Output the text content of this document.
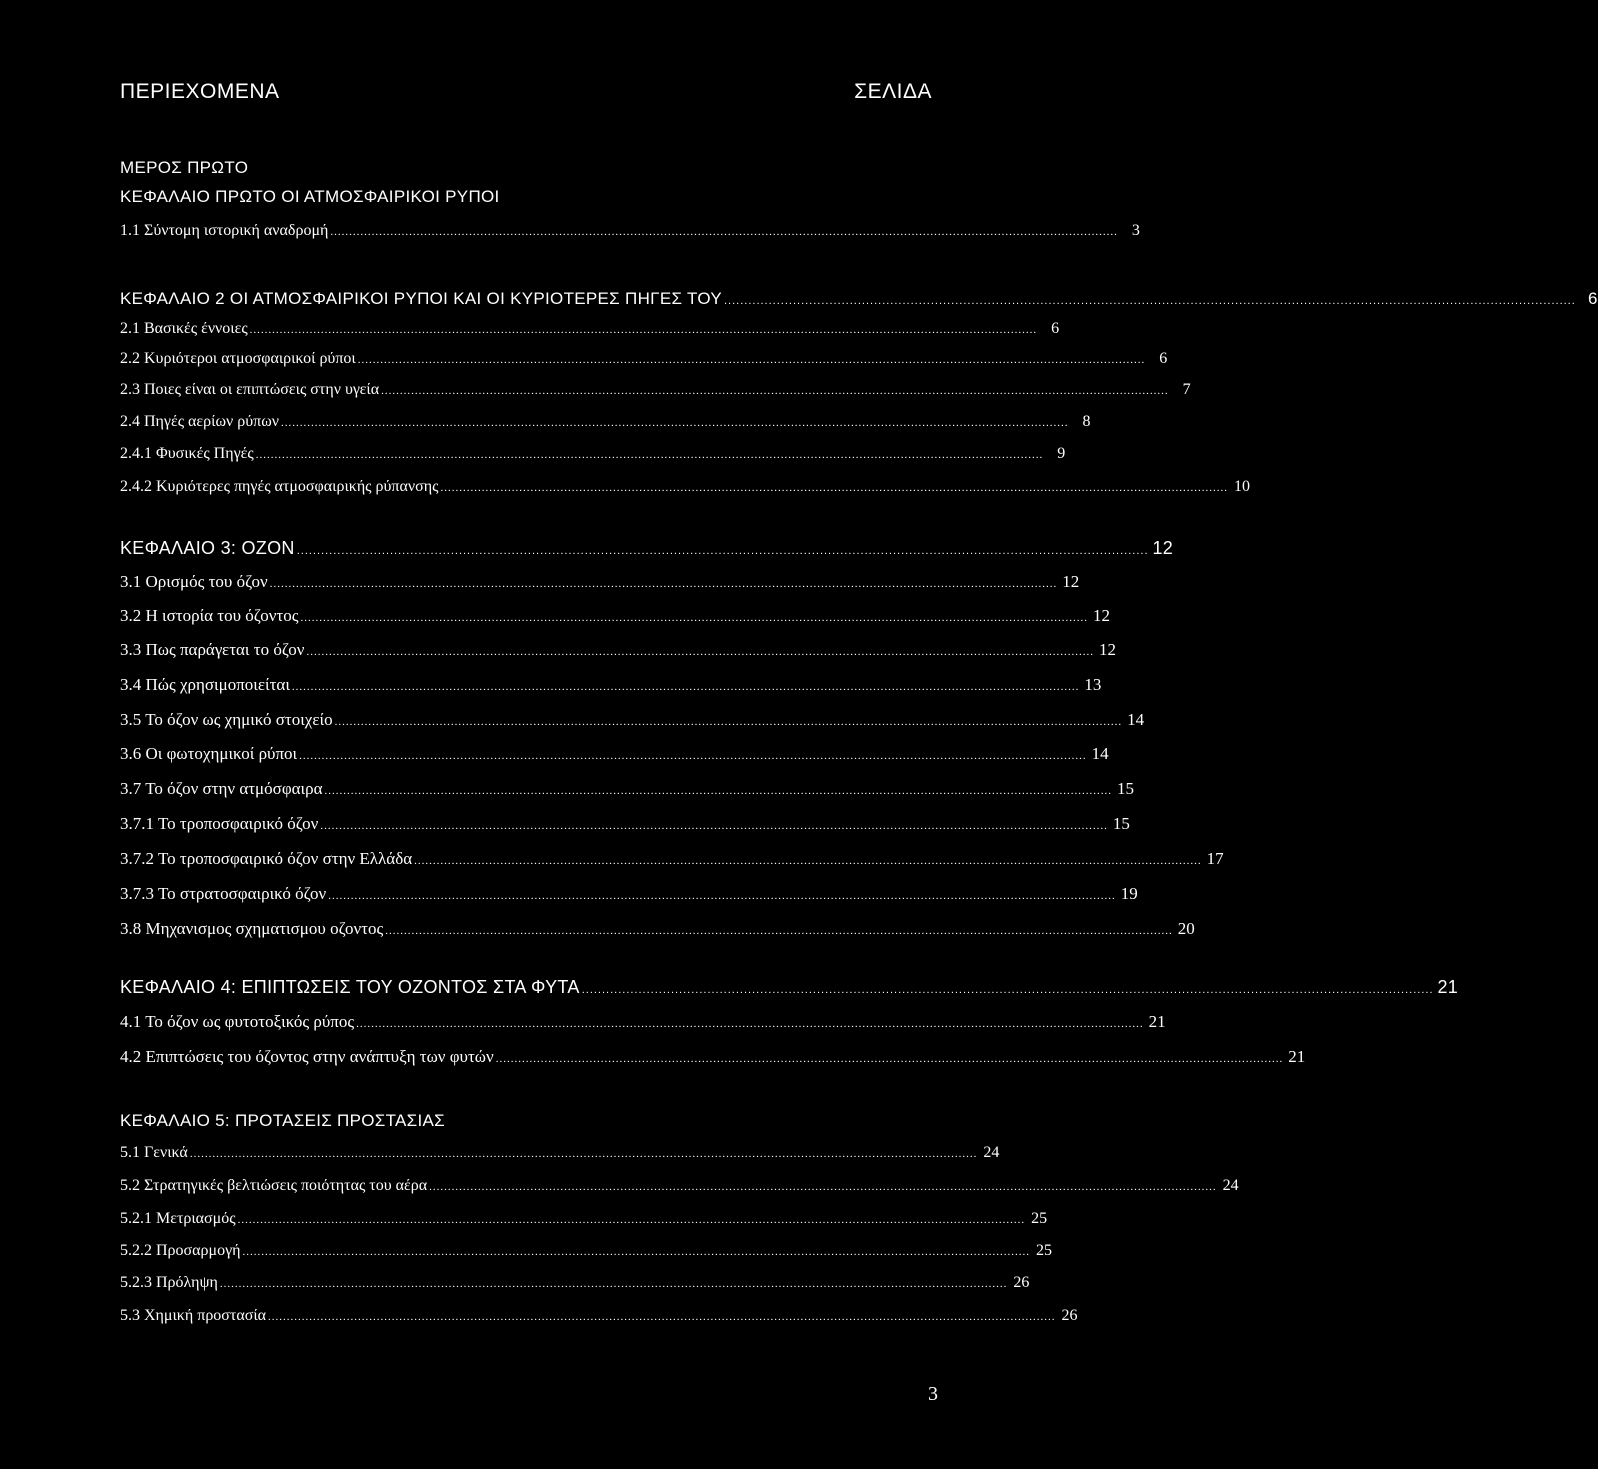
ΠΕΡΙΕΧΟΜΕΝΑ	ΣΕΛΙΔΑ
ΜΕΡΟΣ ΠΡΩΤΟ
ΚΕΦΑΛΑΙΟ ΠΡΩΤΟ ΟΙ ΑΤΜΟΣΦΑΙΡΙΚΟΙ ΡΥΠΟΙ
1.1 Σύντομη ιστορική αναδρομή .................................................................................................................................................................................................................. 3
ΚΕΦΑΛΑΙΟ 2 ΟΙ ΑΤΜΟΣΦΑΙΡΙΚΟΙ ΡΥΠΟΙ ΚΑΙ ΟΙ ΚΥΡΙΟΤΕΡΕΣ ΠΗΓΕΣ ΤΟΥ .................................................................................................................................................................................................................. 6
2.1 Βασικές έννοιες .................................................................................................................................................................................................................. 6
2.2 Κυριότεροι ατμοσφαιρικοί ρύποι .................................................................................................................................................................................................................. 6
2.3 Ποιες είναι οι επιπτώσεις στην υγεία .................................................................................................................................................................................................................. 7
2.4 Πηγές αερίων ρύπων .................................................................................................................................................................................................................. 8
2.4.1 Φυσικές Πηγές .................................................................................................................................................................................................................. 9
2.4.2 Κυριότερες πηγές ατμοσφαιρικής ρύπανσης .................................................................................................................................................................................................................. 10
ΚΕΦΑΛΑΙΟ 3: ΟΖΟΝ .................................................................................................................................................................................................................. 12
3.1 Ορισμός του όζον .................................................................................................................................................................................................................. 12
3.2 Η ιστορία του όζοντος .................................................................................................................................................................................................................. 12
3.3 Πως παράγεται το όζον .................................................................................................................................................................................................................. 12
3.4 Πώς χρησιμοποιείται .................................................................................................................................................................................................................. 13
3.5 Το όζον ως χημικό στοιχείο .................................................................................................................................................................................................................. 14
3.6 Οι φωτοχημικοί ρύποι .................................................................................................................................................................................................................. 14
3.7 Το όζον στην ατμόσφαιρα .................................................................................................................................................................................................................. 15
3.7.1 Το τροποσφαιρικό όζον .................................................................................................................................................................................................................. 15
3.7.2 Το τροποσφαιρικό όζον στην Ελλάδα .................................................................................................................................................................................................................. 17
3.7.3 Το στρατοσφαιρικό όζον .................................................................................................................................................................................................................. 19
3.8 Μηχανισμος σχηματισμου οζοντος .................................................................................................................................................................................................................. 20
ΚΕΦΑΛΑΙΟ 4: ΕΠΙΠΤΩΣΕΙΣ ΤΟΥ ΟΖΟΝΤΟΣ ΣΤΑ ΦΥΤΑ .................................................................................................................................................................................................................. 21
4.1 Το όζον ως φυτοτοξικός ρύπος .................................................................................................................................................................................................................. 21
4.2 Επιπτώσεις του όζοντος στην ανάπτυξη των φυτών .................................................................................................................................................................................................................. 21
ΚΕΦΑΛΑΙΟ 5: ΠΡΟΤΑΣΕΙΣ ΠΡΟΣΤΑΣΙΑΣ
5.1 Γενικά .................................................................................................................................................................................................................. 24
5.2 Στρατηγικές βελτιώσεις ποιότητας του αέρα .................................................................................................................................................................................................................. 24
5.2.1 Μετριασμός .................................................................................................................................................................................................................. 25
5.2.2 Προσαρμογή .................................................................................................................................................................................................................. 25
5.2.3 Πρόληψη .................................................................................................................................................................................................................. 26
5.3 Χημική προστασία .................................................................................................................................................................................................................. 26
3
